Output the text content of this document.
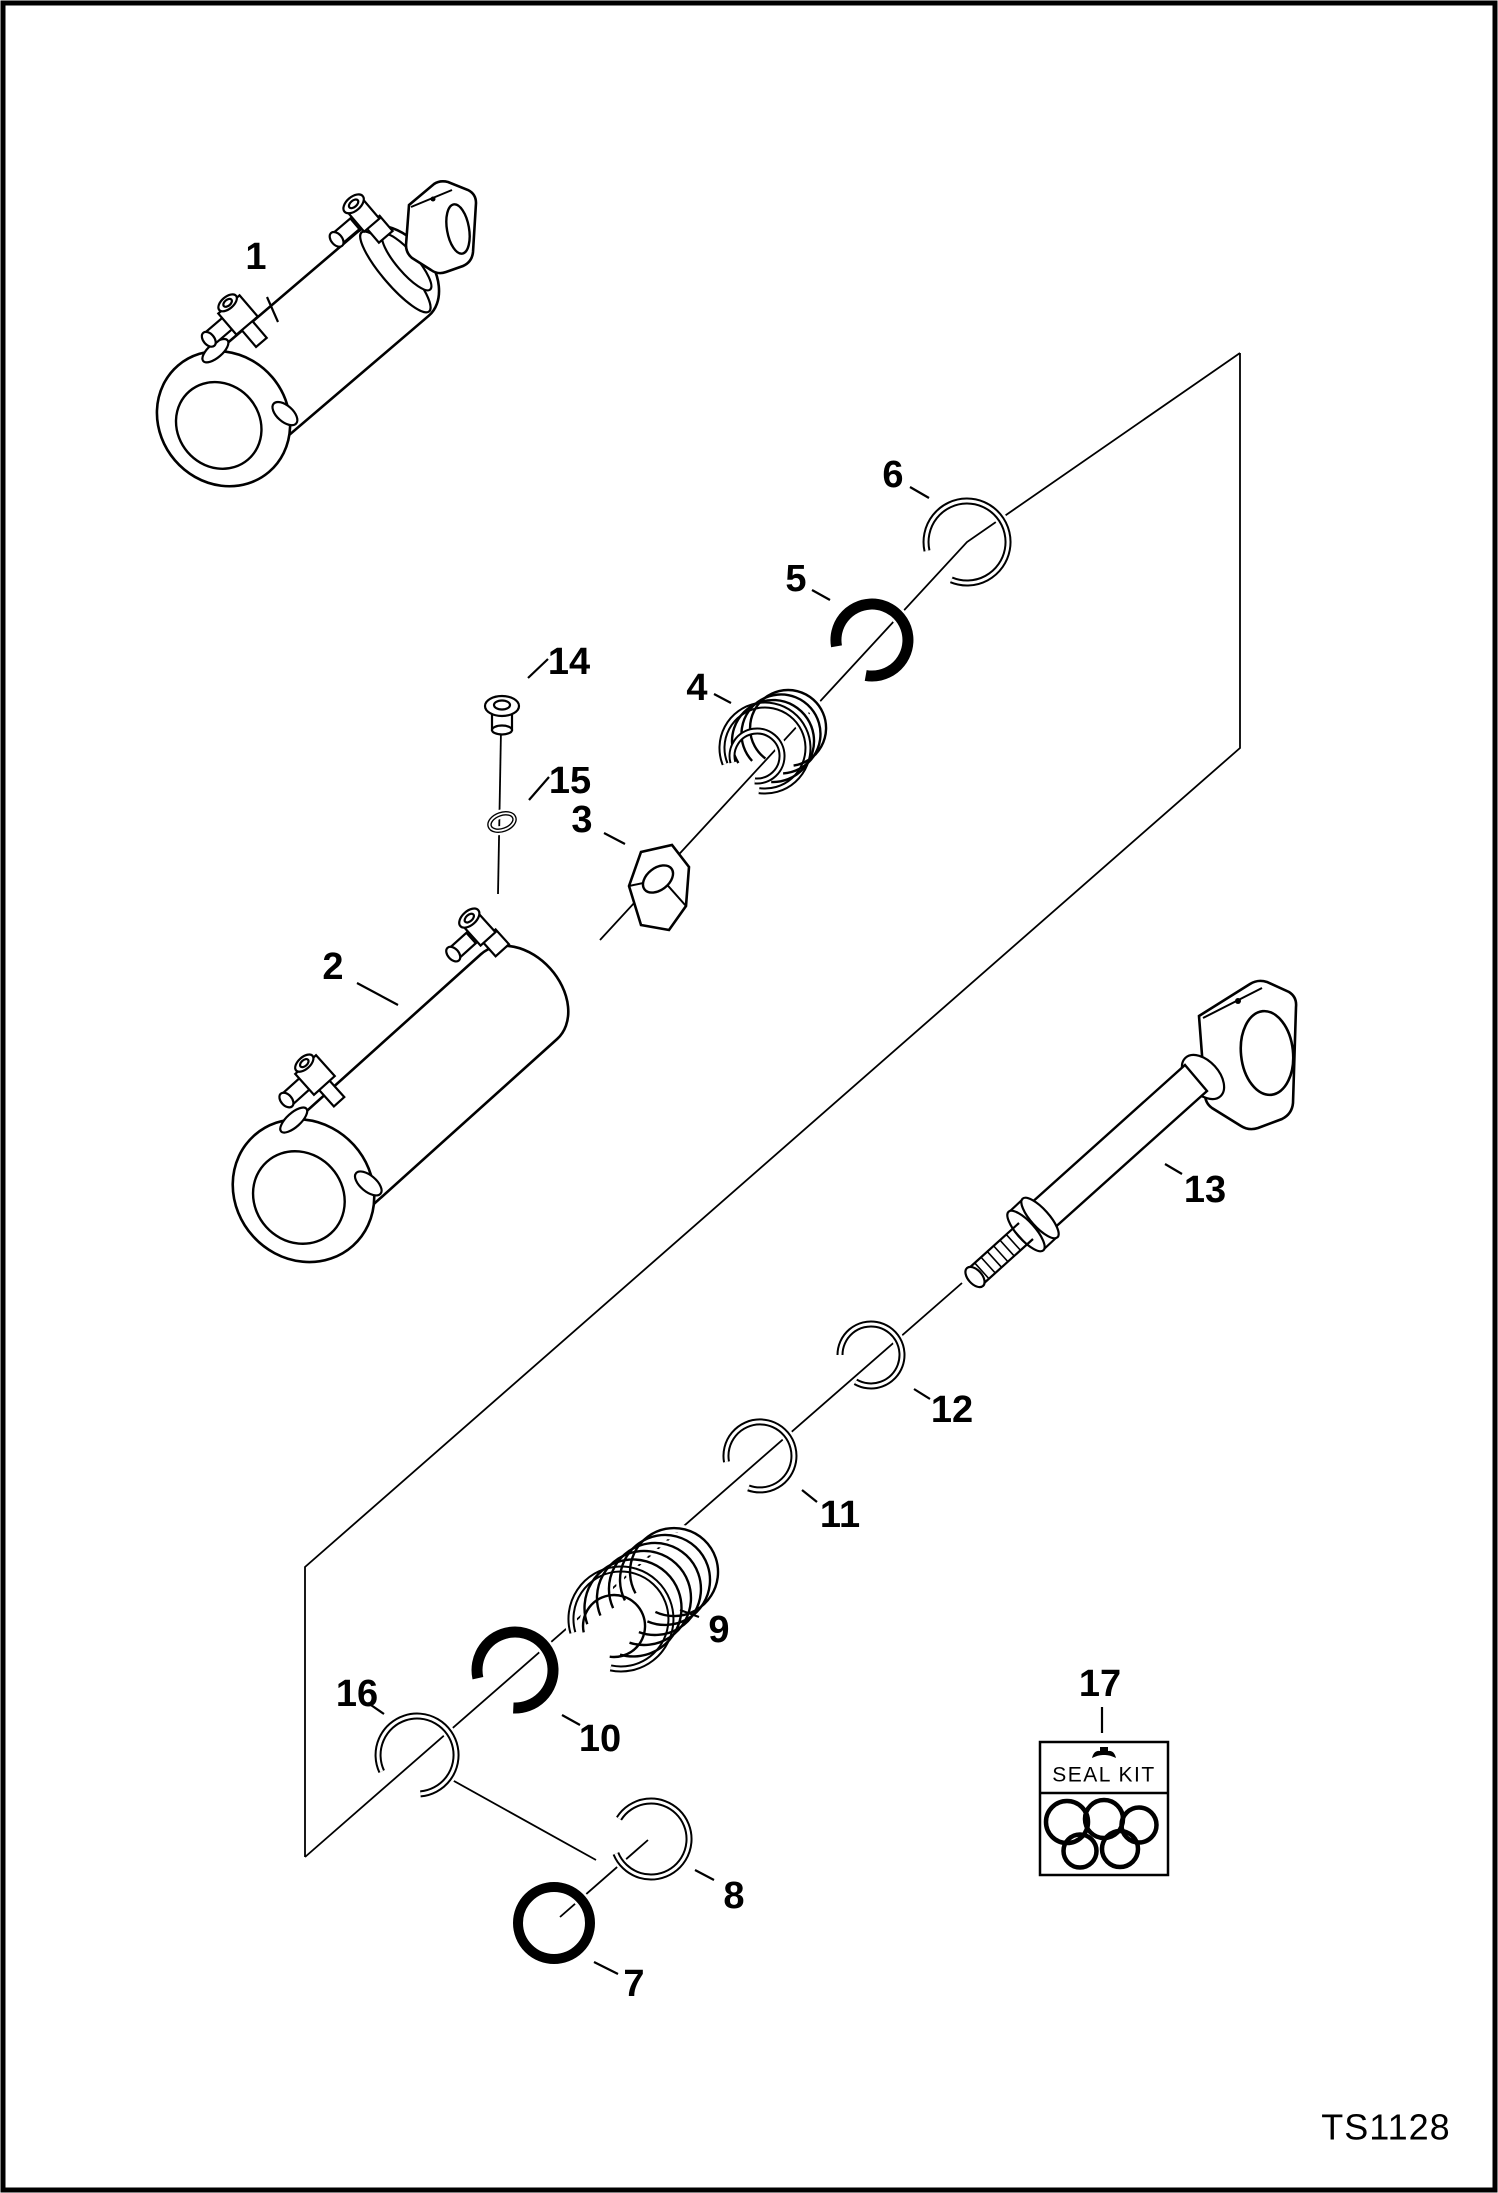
SEAL KIT
1
2
3
4
5
6
7
8
9
10
11
12
13
14
15
16	17
TS1128
